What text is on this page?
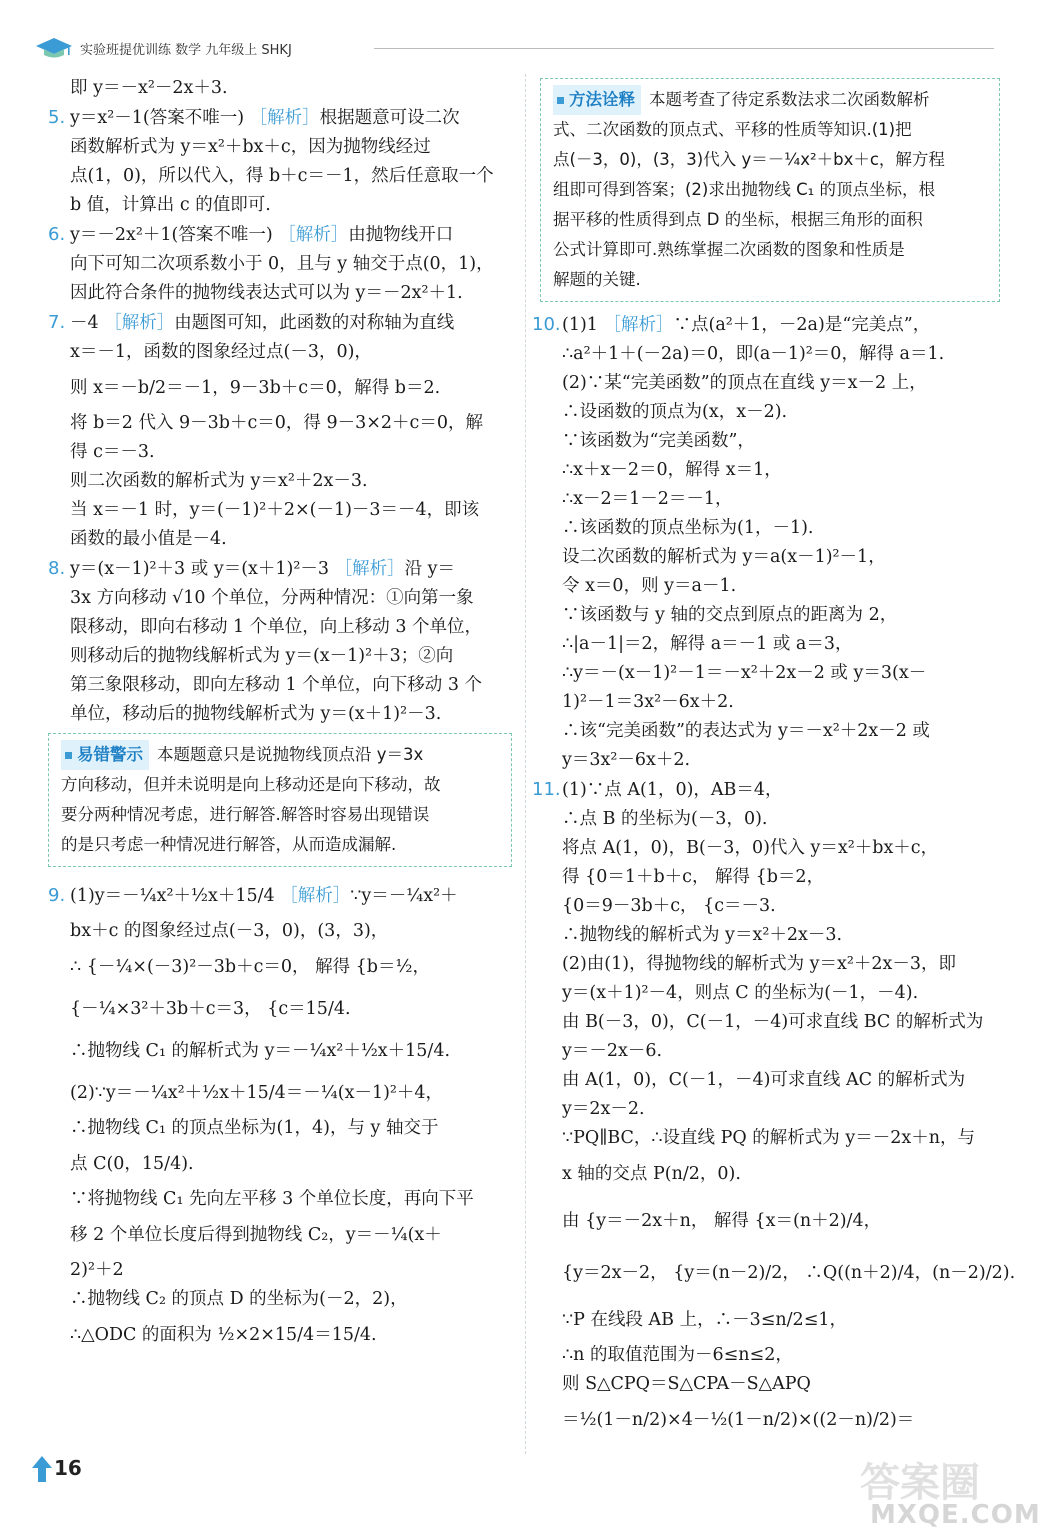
实验班提优训练 数学 九年级上 SHKJ
即 y＝－x²－2x＋3.
5. y＝x²－1(答案不唯一) ［解析］根据题意可设二次
函数解析式为 y＝x²＋bx＋c，因为抛物线经过
点(1，0)，所以代入，得 b＋c＝－1，然后任意取一个
b 值，计算出 c 的值即可.
6. y＝－2x²＋1(答案不唯一) ［解析］由抛物线开口
向下可知二次项系数小于 0，且与 y 轴交于点(0，1)，
因此符合条件的抛物线表达式可以为 y＝－2x²＋1.
7. －4 ［解析］由题图可知，此函数的对称轴为直线
x＝－1，函数的图象经过点(－3，0)，
则 x＝－b/2＝－1，9－3b＋c＝0，解得 b＝2.
将 b＝2 代入 9－3b＋c＝0，得 9－3×2＋c＝0，解
得 c＝－3.
则二次函数的解析式为 y＝x²＋2x－3.
当 x＝－1 时，y＝(－1)²＋2×(－1)－3＝－4，即该
函数的最小值是－4.
8. y＝(x－1)²＋3 或 y＝(x＋1)²－3 ［解析］沿 y＝
3x 方向移动 √10 个单位，分两种情况：①向第一象
限移动，即向右移动 1 个单位，向上移动 3 个单位，
则移动后的抛物线解析式为 y＝(x－1)²＋3；②向
第三象限移动，即向左移动 1 个单位，向下移动 3 个
单位，移动后的抛物线解析式为 y＝(x＋1)²－3.
易错警示 本题题意只是说抛物线顶点沿 y＝3x
方向移动，但并未说明是向上移动还是向下移动，故
要分两种情况考虑，进行解答.解答时容易出现错误
的是只考虑一种情况进行解答，从而造成漏解.
9. (1)y＝－¼x²＋½x＋15/4 ［解析］∵y＝－¼x²＋
bx＋c 的图象经过点(－3，0)，(3，3)，
∴ {－¼×(－3)²－3b＋c＝0， 解得 {b＝½，
{－¼×3²＋3b＋c＝3， {c＝15/4.
∴抛物线 C₁ 的解析式为 y＝－¼x²＋½x＋15/4.
(2)∵y＝－¼x²＋½x＋15/4＝－¼(x－1)²＋4，
∴抛物线 C₁ 的顶点坐标为(1，4)，与 y 轴交于
点 C(0，15/4).
∵将抛物线 C₁ 先向左平移 3 个单位长度，再向下平
移 2 个单位长度后得到抛物线 C₂，y＝－¼(x＋
2)²＋2
∴抛物线 C₂ 的顶点 D 的坐标为(－2，2)，
∴△ODC 的面积为 ½×2×15/4＝15/4.
方法诠释 本题考查了待定系数法求二次函数解析
式、二次函数的顶点式、平移的性质等知识.(1)把
点(－3，0)，(3，3)代入 y＝－¼x²＋bx＋c，解方程
组即可得到答案；(2)求出抛物线 C₁ 的顶点坐标，根
据平移的性质得到点 D 的坐标，根据三角形的面积
公式计算即可.熟练掌握二次函数的图象和性质是
解题的关键.
10.(1)1 ［解析］∵点(a²＋1，－2a)是“完美点”，
∴a²＋1＋(－2a)＝0，即(a－1)²＝0，解得 a＝1.
(2)∵某“完美函数”的顶点在直线 y＝x－2 上，
∴设函数的顶点为(x，x－2).
∵该函数为“完美函数”，
∴x＋x－2＝0，解得 x＝1，
∴x－2＝1－2＝－1，
∴该函数的顶点坐标为(1，－1).
设二次函数的解析式为 y＝a(x－1)²－1，
令 x＝0，则 y＝a－1.
∵该函数与 y 轴的交点到原点的距离为 2，
∴|a－1|＝2，解得 a＝－1 或 a＝3，
∴y＝－(x－1)²－1＝－x²＋2x－2 或 y＝3(x－
1)²－1＝3x²－6x＋2.
∴该“完美函数”的表达式为 y＝－x²＋2x－2 或
y＝3x²－6x＋2.
11.(1)∵点 A(1，0)，AB＝4，
∴点 B 的坐标为(－3，0).
将点 A(1，0)，B(－3，0)代入 y＝x²＋bx＋c，
得 {0＝1＋b＋c， 解得 {b＝2，
{0＝9－3b＋c， {c＝－3.
∴抛物线的解析式为 y＝x²＋2x－3.
(2)由(1)，得抛物线的解析式为 y＝x²＋2x－3，即
y＝(x＋1)²－4，则点 C 的坐标为(－1，－4).
由 B(－3，0)，C(－1，－4)可求直线 BC 的解析式为
y＝－2x－6.
由 A(1，0)，C(－1，－4)可求直线 AC 的解析式为
y＝2x－2.
∵PQ∥BC，∴设直线 PQ 的解析式为 y＝－2x＋n，与
x 轴的交点 P(n/2，0).
由 {y＝－2x＋n， 解得 {x＝(n＋2)/4，
{y＝2x－2， {y＝(n－2)/2， ∴Q((n＋2)/4，(n－2)/2).
∵P 在线段 AB 上，∴－3≤n/2≤1，
∴n 的取值范围为－6≤n≤2，
则 S△CPQ＝S△CPA－S△APQ
＝½(1－n/2)×4－½(1－n/2)×((2－n)/2)＝
16	答案圈
MXQE.COM
